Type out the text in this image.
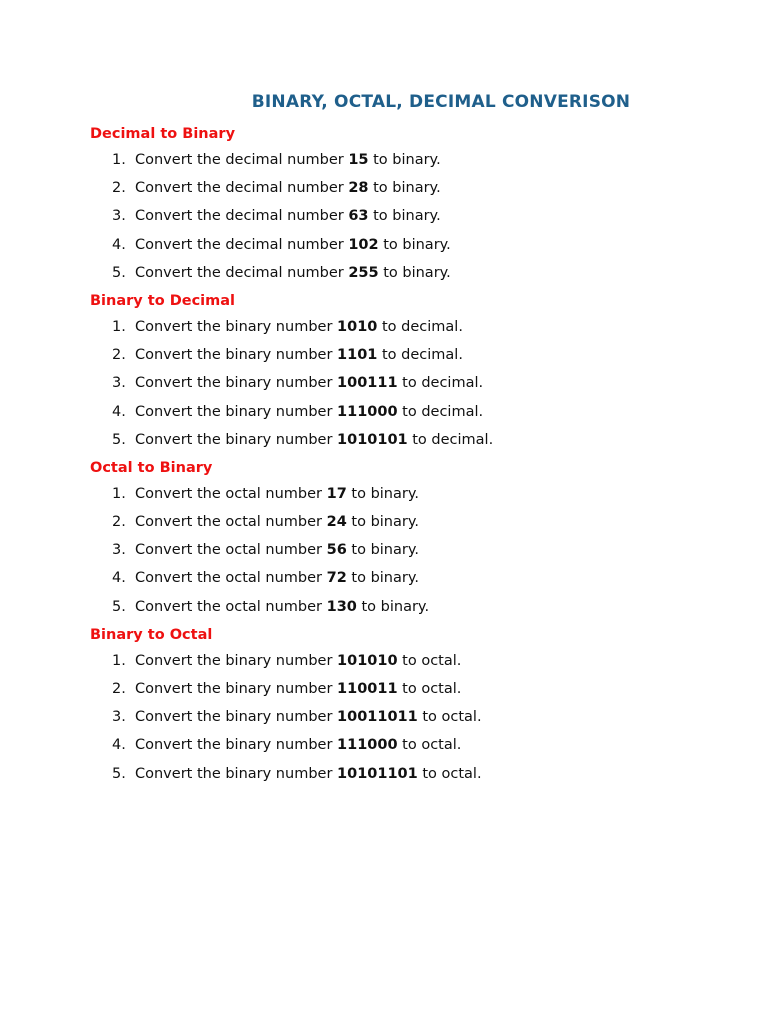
BINARY, OCTAL, DECIMAL CONVERISON
Decimal to Binary
1. Convert the decimal number 15 to binary.
2. Convert the decimal number 28 to binary.
3. Convert the decimal number 63 to binary.
4. Convert the decimal number 102 to binary.
5. Convert the decimal number 255 to binary.
Binary to Decimal
1. Convert the binary number 1010 to decimal.
2. Convert the binary number 1101 to decimal.
3. Convert the binary number 100111 to decimal.
4. Convert the binary number 111000 to decimal.
5. Convert the binary number 1010101 to decimal.
Octal to Binary
1. Convert the octal number 17 to binary.
2. Convert the octal number 24 to binary.
3. Convert the octal number 56 to binary.
4. Convert the octal number 72 to binary.
5. Convert the octal number 130 to binary.
Binary to Octal
1. Convert the binary number 101010 to octal.
2. Convert the binary number 110011 to octal.
3. Convert the binary number 10011011 to octal.
4. Convert the binary number 111000 to octal.
5. Convert the binary number 10101101 to octal.
